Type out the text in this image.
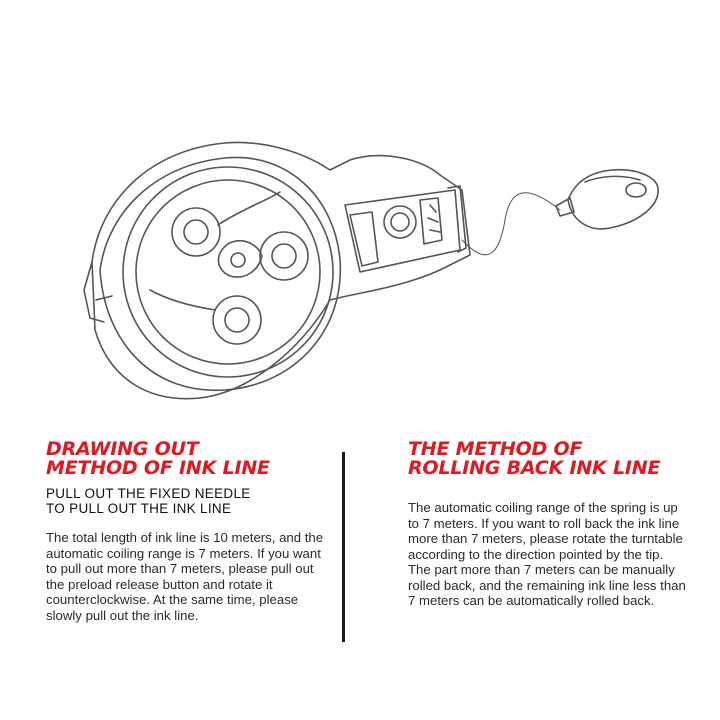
DRAWING OUT
METHOD OF INK LINE
PULL OUT THE FIXED NEEDLE
TO PULL OUT THE INK LINE

The total length of ink line is 10 meters, and the automatic coiling range is 7 meters. If you want to pull out more than 7 meters, please pull out the preload release button and rotate it counterclockwise. At the same time, please slowly pull out the ink line.

THE METHOD OF
ROLLING BACK INK LINE

The automatic coiling range of the spring is up to 7 meters. If you want to roll back the ink line more than 7 meters, please rotate the turntable according to the direction pointed by the tip. The part more than 7 meters can be manually rolled back, and the remaining ink line less than 7 meters can be automatically rolled back.
